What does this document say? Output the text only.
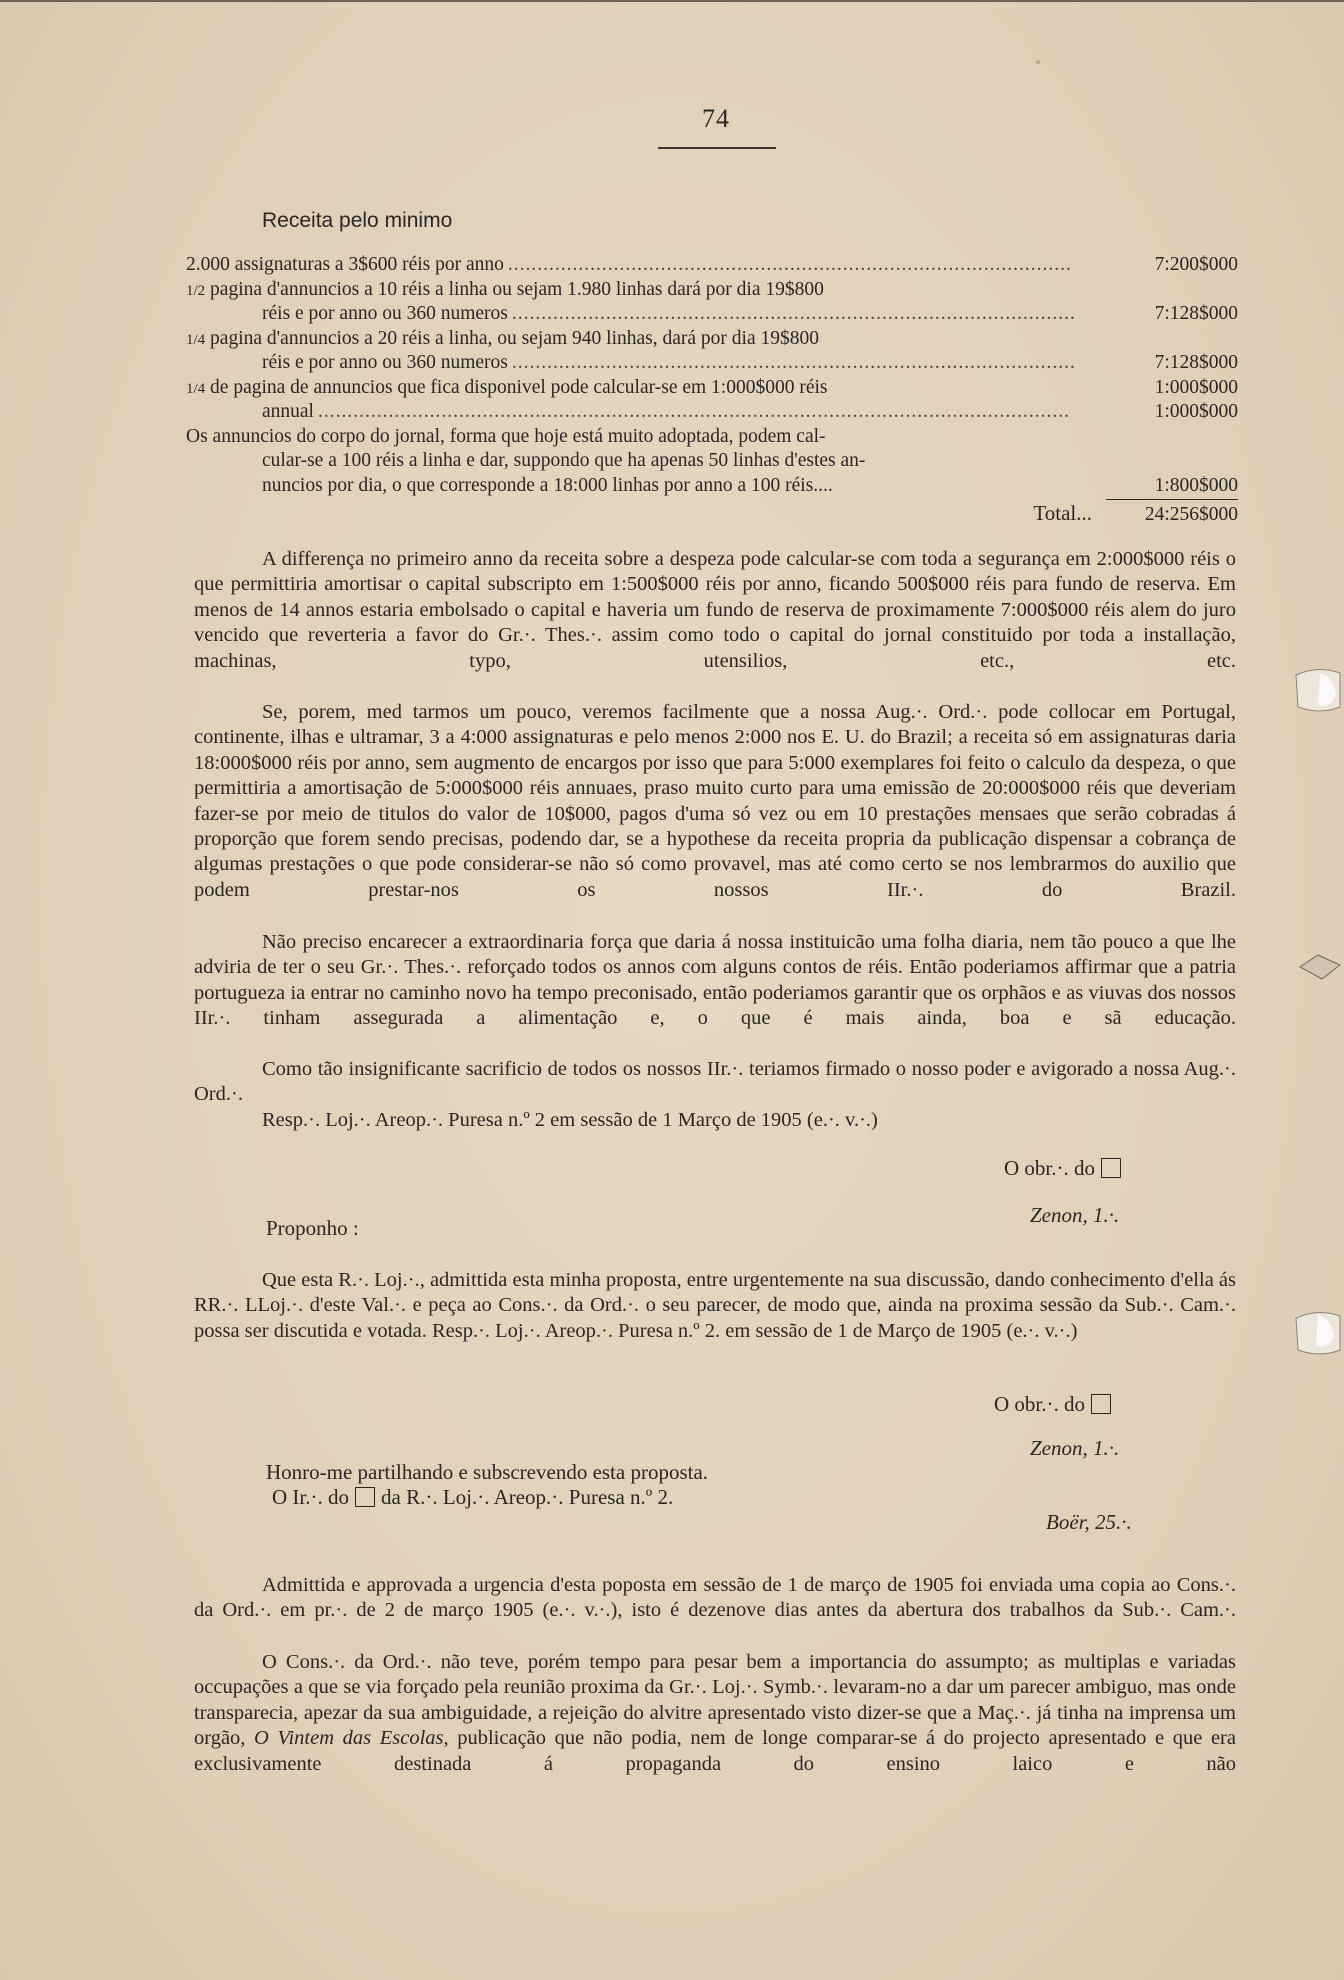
74
Receita pelo minimo
2.000 assignaturas a 3$600 réis por anno ................................................................................................	7:200$000
1/2 pagina d'annuncios a 10 réis a linha ou sejam 1.980 linhas dará por dia 19$800
réis e por anno ou 360 numeros ................................................................................................	7:128$000
1/4 pagina d'annuncios a 20 réis a linha, ou sejam 940 linhas, dará por dia 19$800
réis e por anno ou 360 numeros ................................................................................................	7:128$000
1/4 de pagina de annuncios que fica disponivel pode calcular-se em 1:000$000 réis	1:000$000
annual ................................................................................................................................	1:000$000
Os annuncios do corpo do jornal, forma que hoje está muito adoptada, podem cal-
cular-se a 100 réis a linha e dar, suppondo que ha apenas 50 linhas d'estes an-
nuncios por dia, o que corresponde a 18:000 linhas por anno a 100 réis....	1:800$000
Total...	24:256$000
A differença no primeiro anno da receita sobre a despeza pode calcular-se com toda a segurança em 2:000$000 réis o que permittiria amortisar o capital subscripto em 1:500$000 réis por anno, ficando 500$000 réis para fundo de reserva. Em menos de 14 annos estaria embolsado o capital e haveria um fundo de reserva de proximamente 7:000$000 réis alem do juro vencido que reverteria a favor do Gr.·. Thes.·. assim como todo o capital do jornal constituido por toda a installação, machinas, typo, utensilios, etc., etc.
Se, porem, med tarmos um pouco, veremos facilmente que a nossa Aug.·. Ord.·. pode collocar em Portugal, continente, ilhas e ultramar, 3 a 4:000 assignaturas e pelo menos 2:000 nos E. U. do Brazil; a receita só em assignaturas daria 18:000$000 réis por anno, sem augmento de encargos por isso que para 5:000 exemplares foi feito o calculo da despeza, o que permittiria a amortisação de 5:000$000 réis annuaes, praso muito curto para uma emissão de 20:000$000 réis que deveriam fazer-se por meio de titulos do valor de 10$000, pagos d'uma só vez ou em 10 prestações mensaes que serão cobradas á proporção que forem sendo precisas, podendo dar, se a hypothese da receita propria da publicação dispensar a cobrança de algumas prestações o que pode considerar-se não só como provavel, mas até como certo se nos lembrarmos do auxilio que podem prestar-nos os nossos IIr.·. do Brazil.
Não preciso encarecer a extraordinaria força que daria á nossa instituicão uma folha diaria, nem tão pouco a que lhe adviria de ter o seu Gr.·. Thes.·. reforçado todos os annos com alguns contos de réis. Então poderiamos affirmar que a patria portugueza ia entrar no caminho novo ha tempo preconisado, então poderiamos garantir que os orphãos e as viuvas dos nossos IIr.·. tinham assegurada a alimentação e, o que é mais ainda, boa e sã educação.
Como tão insignificante sacrificio de todos os nossos IIr.·. teriamos firmado o nosso poder e avigorado a nossa Aug.·. Ord.·.
Resp.·. Loj.·. Areop.·. Puresa n.º 2 em sessão de 1 Março de 1905 (e.·. v.·.)
O obr.·. do
Zenon, 1.·.
Proponho :
Que esta R.·. Loj.·., admittida esta minha proposta, entre urgentemente na sua discussão, dando conhecimento d'ella ás RR.·. LLoj.·. d'este Val.·. e peça ao Cons.·. da Ord.·. o seu parecer, de modo que, ainda na proxima sessão da Sub.·. Cam.·. possa ser discutida e votada. Resp.·. Loj.·. Areop.·. Puresa n.º 2. em sessão de 1 de Março de 1905 (e.·. v.·.)
O obr.·. do
Zenon, 1.·.
Honro-me partilhando e subscrevendo esta proposta.
O Ir.·. do da R.·. Loj.·. Areop.·. Puresa n.º 2.
Boër, 25.·.
Admittida e approvada a urgencia d'esta poposta em sessão de 1 de março de 1905 foi enviada uma copia ao Cons.·. da Ord.·. em pr.·. de 2 de março 1905 (e.·. v.·.), isto é dezenove dias antes da abertura dos trabalhos da Sub.·. Cam.·.
O Cons.·. da Ord.·. não teve, porém tempo para pesar bem a importancia do assumpto; as multiplas e variadas occupações a que se via forçado pela reunião proxima da Gr.·. Loj.·. Symb.·. levaram-no a dar um parecer ambiguo, mas onde transparecia, apezar da sua ambiguidade, a rejeição do alvitre apresentado visto dizer-se que a Maç.·. já tinha na imprensa um orgão, O Vintem das Escolas, publicação que não podia, nem de longe comparar-se á do projecto apresentado e que era exclusivamente destinada á propaganda do ensino laico e não
